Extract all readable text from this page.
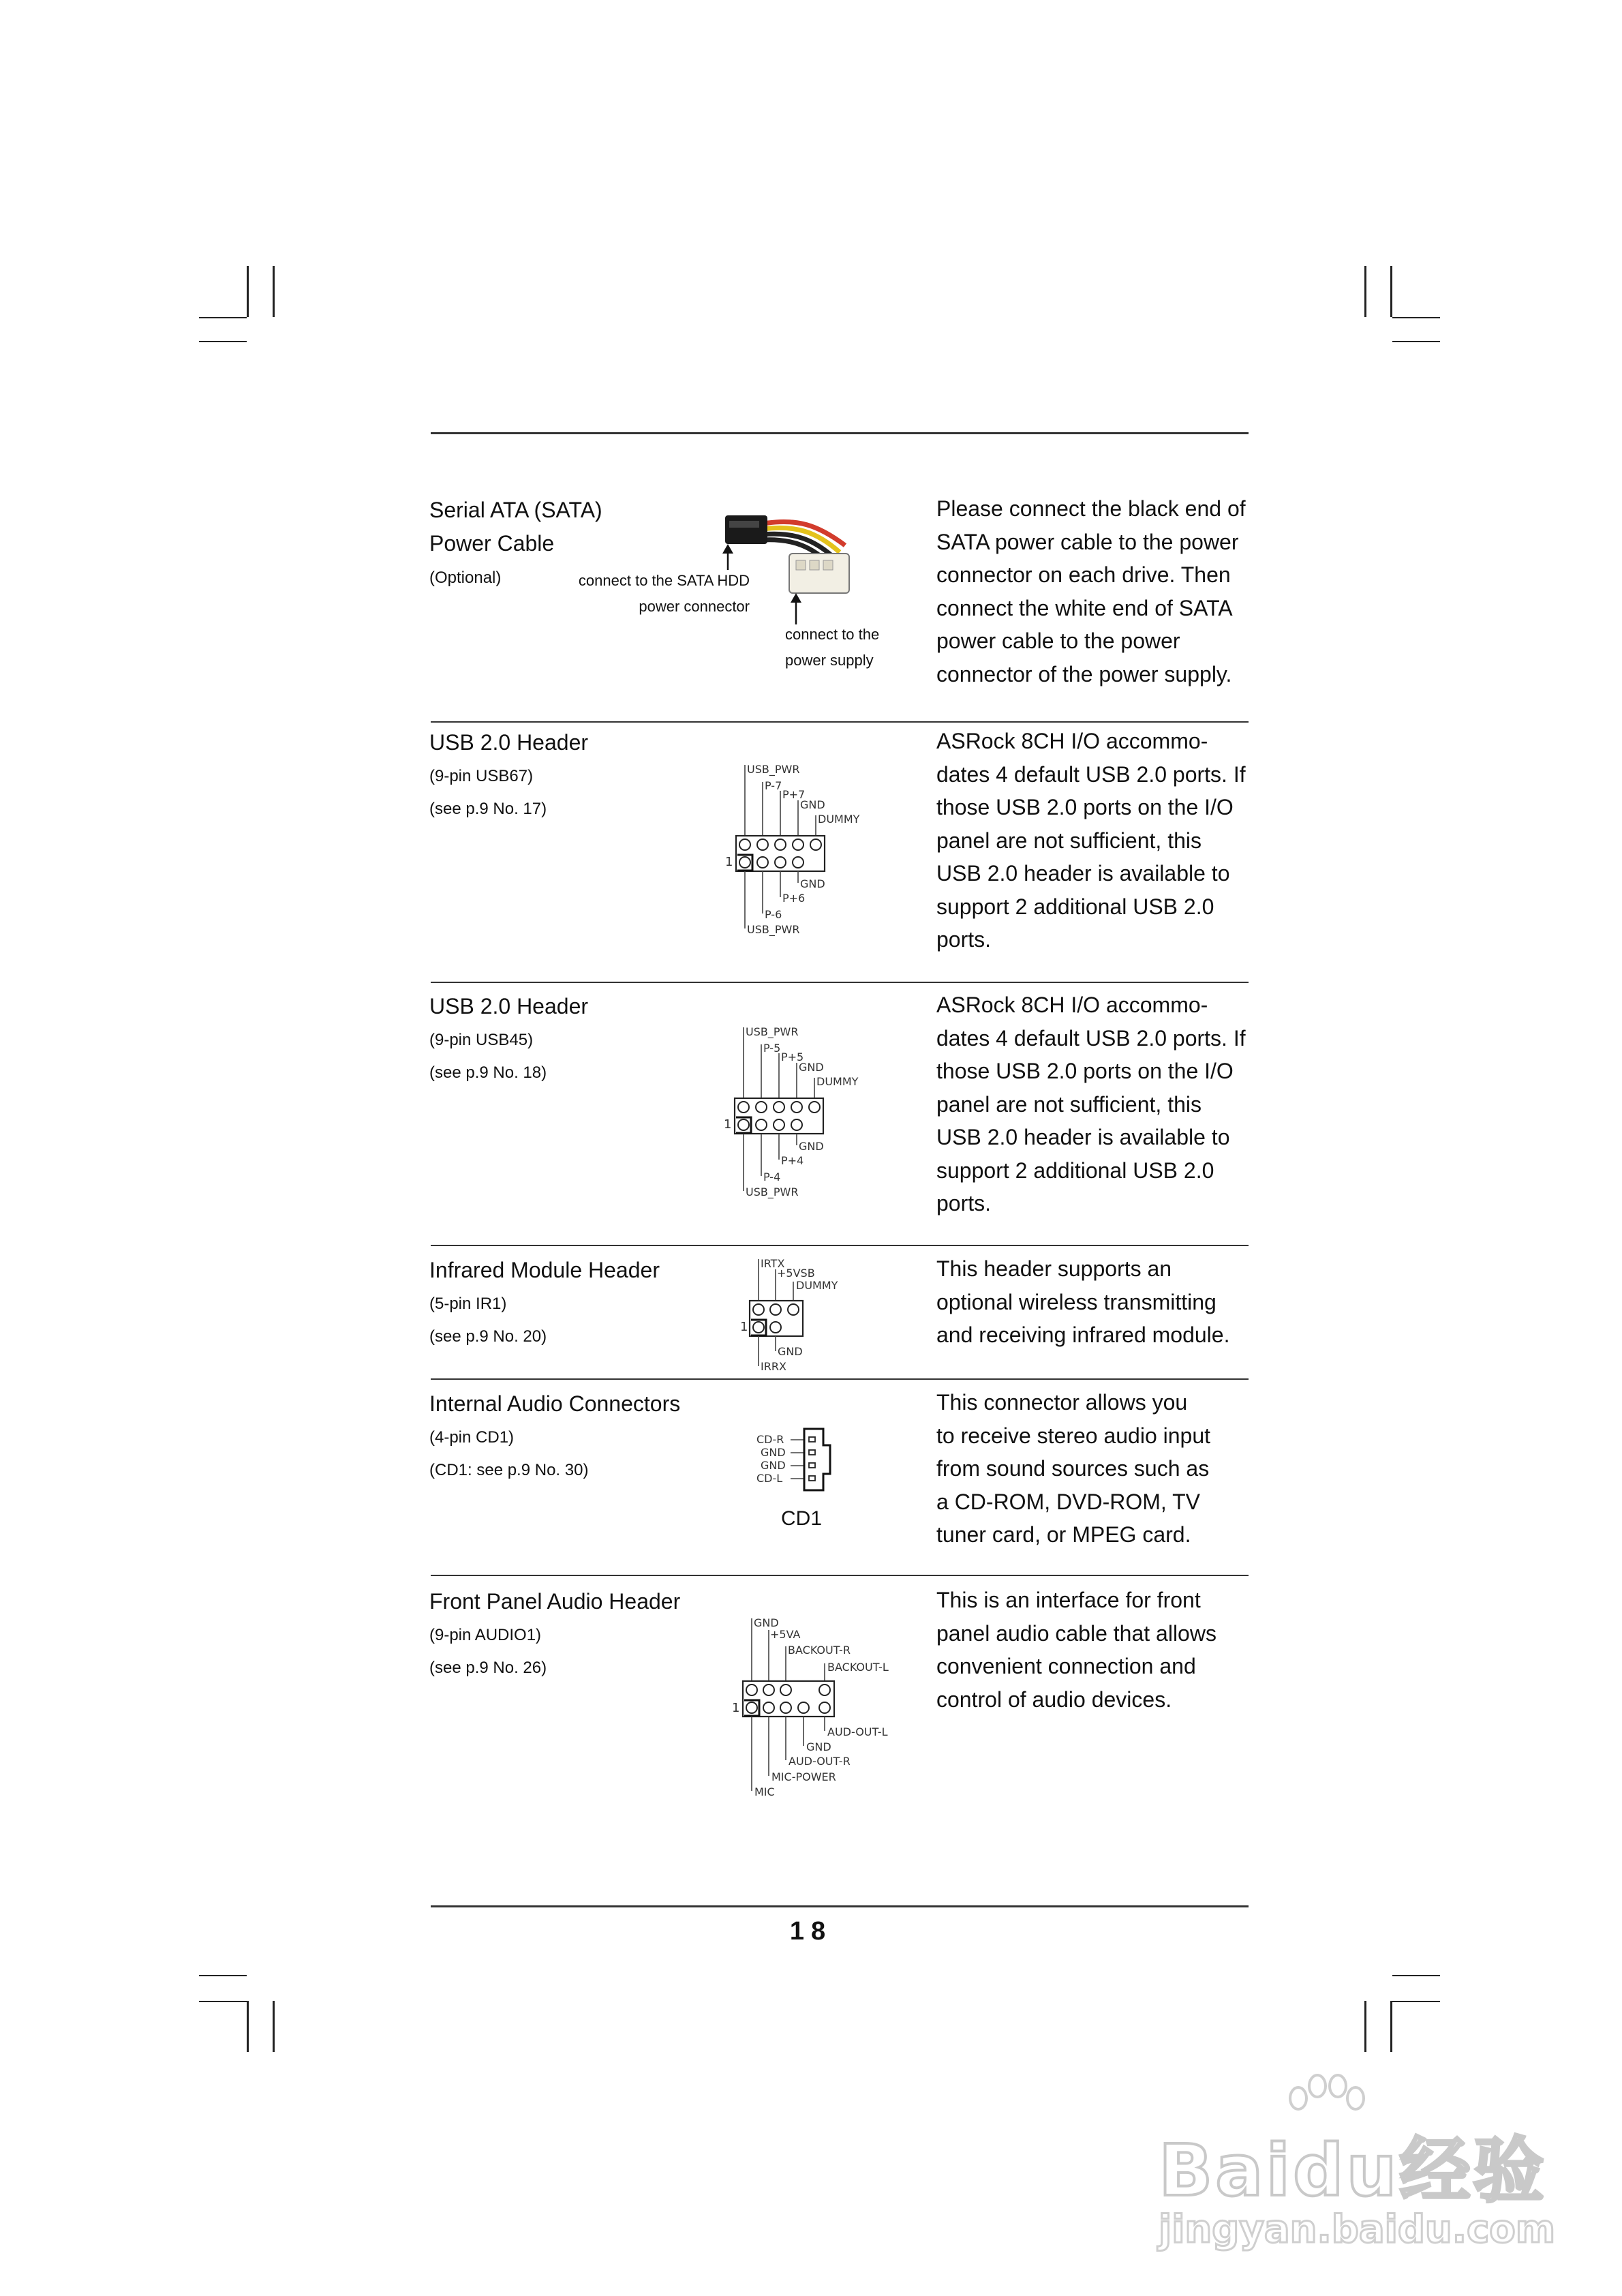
Serial ATA (SATA)
Power Cable
(Optional)	connect to the SATA HDD
power connector
connect to the
power supply
Please connect the black end of
SATA power cable to the power
connector on each drive. Then
connect the white end of SATA
power cable to the power
connector of the power supply.
USB 2.0 Header
(9-pin USB67)
(see p.9 No. 17)
USB_PWR
P-7
P+7
GND
DUMMY
1
GND
P+6
P-6
USB_PWR
ASRock 8CH I/O accommo-
dates 4 default USB 2.0 ports. If
those USB 2.0 ports on the I/O
panel are not sufficient, this
USB 2.0 header is available to
support 2 additional USB 2.0
ports.
USB 2.0 Header
(9-pin USB45)
(see p.9 No. 18)
USB_PWR
P-5
P+5
GND
DUMMY
1
GND
P+4
P-4
USB_PWR
ASRock 8CH I/O accommo-
dates 4 default USB 2.0 ports. If
those USB 2.0 ports on the I/O
panel are not sufficient, this
USB 2.0 header is available to
support 2 additional USB 2.0
ports.
Infrared Module Header
(5-pin IR1)
(see p.9 No. 20)
IRTX
+5VSB
DUMMY
1
GND
IRRX
This header supports an
optional wireless transmitting
and receiving infrared module.
Internal Audio Connectors
(4-pin CD1)
(CD1: see p.9 No. 30)
CD-R
GND
GND
CD-L
CD1
This connector allows you
to receive stereo audio input
from sound sources such as
a CD-ROM, DVD-ROM, TV
tuner card, or MPEG card.
Front Panel Audio Header
(9-pin AUDIO1)
(see p.9 No. 26)
GND
+5VA
BACKOUT-R
BACKOUT-L
1
AUD-OUT-L
GND
AUD-OUT-R
MIC-POWER
MIC
This is an interface for front
panel audio cable that allows
convenient connection and
control of audio devices.
18
Baidu经验
jingyan.baidu.com
